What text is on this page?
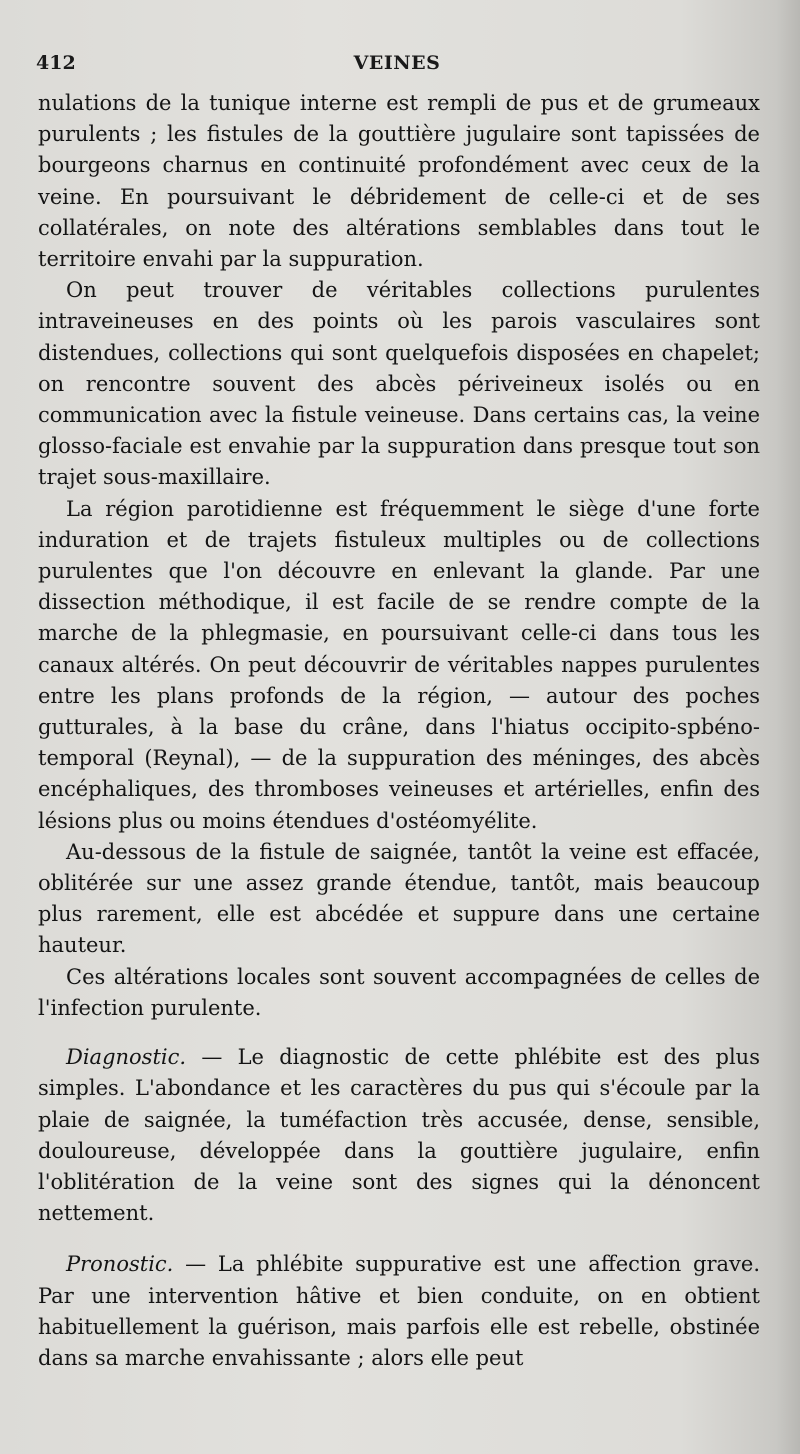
412	VEINES

nulations de la tunique interne est rempli de pus et de grumeaux purulents ; les fistules de la gouttière jugulaire sont tapissées de bourgeons charnus en continuité profondément avec ceux de la veine. En poursuivant le débridement de celle-ci et de ses collatérales, on note des altérations semblables dans tout le territoire envahi par la suppuration.

On peut trouver de véritables collections purulentes intraveineuses en des points où les parois vasculaires sont distendues, collections qui sont quelquefois disposées en chapelet; on rencontre souvent des abcès périveineux isolés ou en communication avec la fistule veineuse. Dans certains cas, la veine glosso-faciale est envahie par la suppuration dans presque tout son trajet sous-maxillaire.

La région parotidienne est fréquemment le siège d'une forte induration et de trajets fistuleux multiples ou de collections purulentes que l'on découvre en enlevant la glande. Par une dissection méthodique, il est facile de se rendre compte de la marche de la phlegmasie, en poursuivant celle-ci dans tous les canaux altérés. On peut découvrir de véritables nappes purulentes entre les plans profonds de la région, — autour des poches gutturales, à la base du crâne, dans l'hiatus occipito-spbéno-temporal (Reynal), — de la suppuration des méninges, des abcès encéphaliques, des thromboses veineuses et artérielles, enfin des lésions plus ou moins étendues d'ostéomyélite.

Au-dessous de la fistule de saignée, tantôt la veine est effacée, oblitérée sur une assez grande étendue, tantôt, mais beaucoup plus rarement, elle est abcédée et suppure dans une certaine hauteur.

Ces altérations locales sont souvent accompagnées de celles de l'infection purulente.

Diagnostic. — Le diagnostic de cette phlébite est des plus simples. L'abondance et les caractères du pus qui s'écoule par la plaie de saignée, la tuméfaction très accusée, dense, sensible, douloureuse, développée dans la gouttière jugulaire, enfin l'oblitération de la veine sont des signes qui la dénoncent nettement.

Pronostic. — La phlébite suppurative est une affection grave. Par une intervention hâtive et bien conduite, on en obtient habituellement la guérison, mais parfois elle est rebelle, obstinée dans sa marche envahissante ; alors elle peut
